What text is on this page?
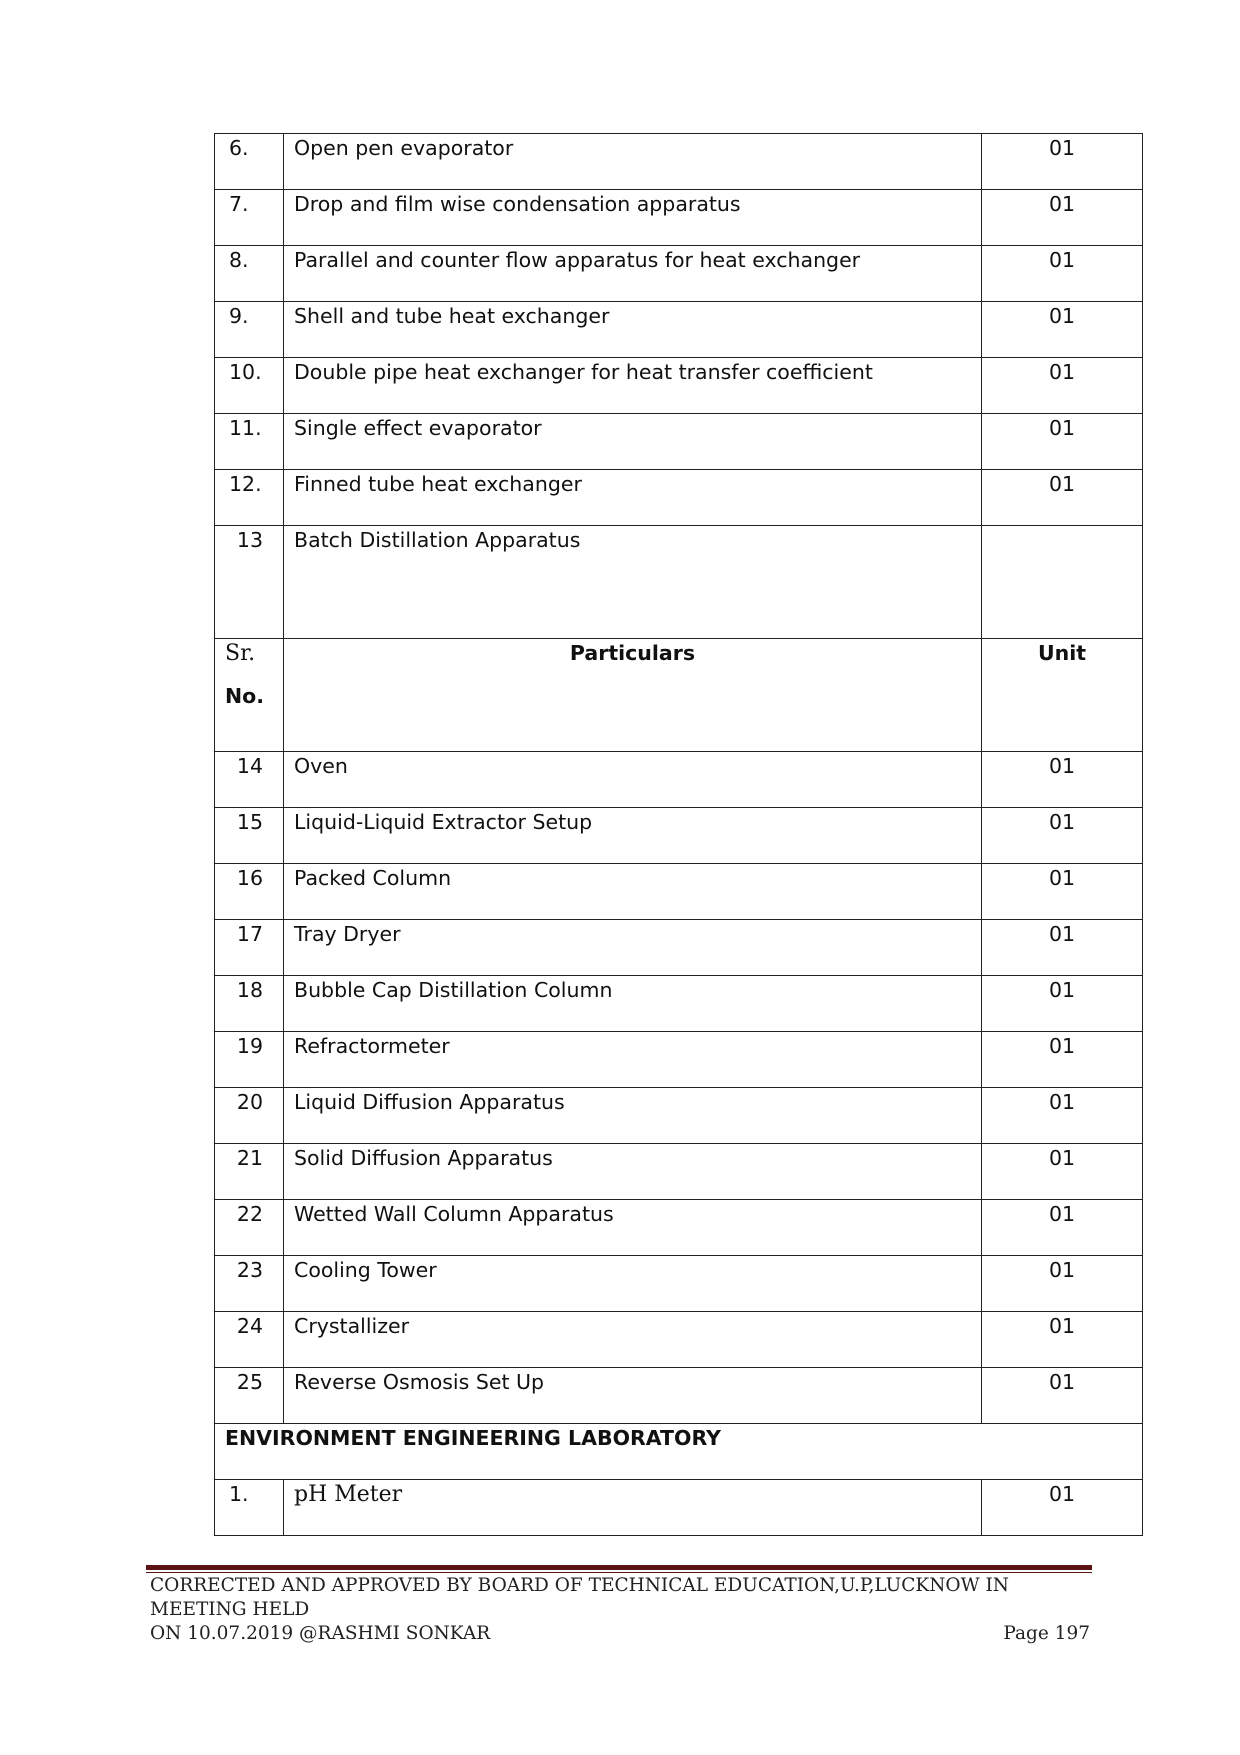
6.	Open pen evaporator	01

7.	Drop and film wise condensation apparatus	01

8.	Parallel and counter flow apparatus for heat exchanger	01

9.	Shell and tube heat exchanger	01

10.	Double pipe heat exchanger for heat transfer coefficient	01

11.	Single effect evaporator	01

12.	Finned tube heat exchanger	01

13	Batch Distillation Apparatus	

Sr.
No.	Particulars	Unit

14	Oven	01

15	Liquid-Liquid Extractor Setup	01

16	Packed Column	01

17	Tray Dryer	01

18	Bubble Cap Distillation Column	01

19	Refractormeter	01

20	Liquid Diffusion Apparatus	01

21	Solid Diffusion Apparatus	01

22	Wetted Wall Column Apparatus	01

23	Cooling Tower	01

24	Crystallizer	01

25	Reverse Osmosis Set Up	01

ENVIRONMENT ENGINEERING LABORATORY		

1.	pH Meter	01
CORRECTED AND APPROVED BY BOARD OF TECHNICAL EDUCATION,U.P,LUCKNOW IN MEETING HELD
ON 10.07.2019 @RASHMI SONKAR	Page 197
